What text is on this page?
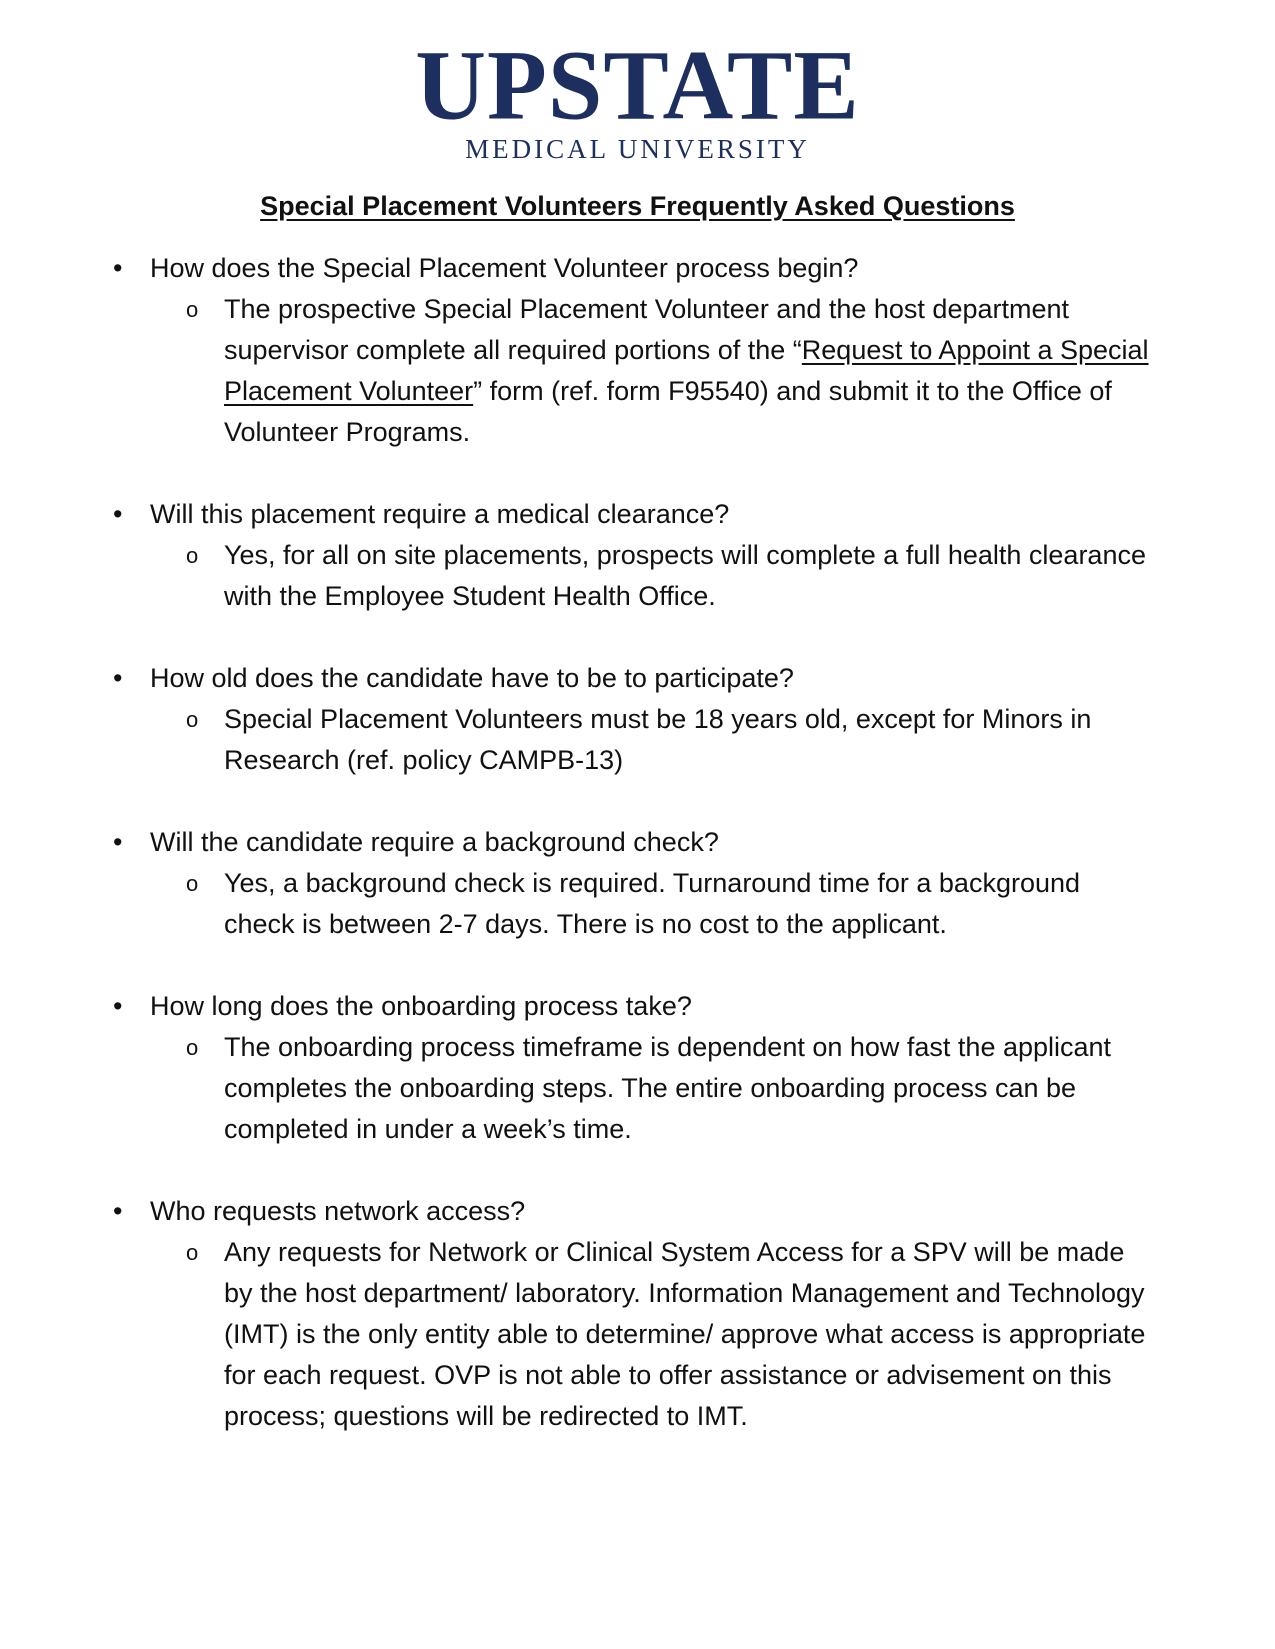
UPSTATE
MEDICAL UNIVERSITY
Special Placement Volunteers Frequently Asked Questions
• How does the Special Placement Volunteer process begin?
o The prospective Special Placement Volunteer and the host department supervisor complete all required portions of the “Request to Appoint a Special Placement Volunteer” form (ref. form F95540) and submit it to the Office of Volunteer Programs.
• Will this placement require a medical clearance?
o Yes, for all on site placements, prospects will complete a full health clearance with the Employee Student Health Office.
• How old does the candidate have to be to participate?
o Special Placement Volunteers must be 18 years old, except for Minors in Research (ref. policy CAMPB-13)
• Will the candidate require a background check?
o Yes, a background check is required. Turnaround time for a background check is between 2-7 days. There is no cost to the applicant.
• How long does the onboarding process take?
o The onboarding process timeframe is dependent on how fast the applicant completes the onboarding steps. The entire onboarding process can be completed in under a week’s time.
• Who requests network access?
o Any requests for Network or Clinical System Access for a SPV will be made by the host department/ laboratory. Information Management and Technology (IMT) is the only entity able to determine/ approve what access is appropriate for each request. OVP is not able to offer assistance or advisement on this process; questions will be redirected to IMT.
